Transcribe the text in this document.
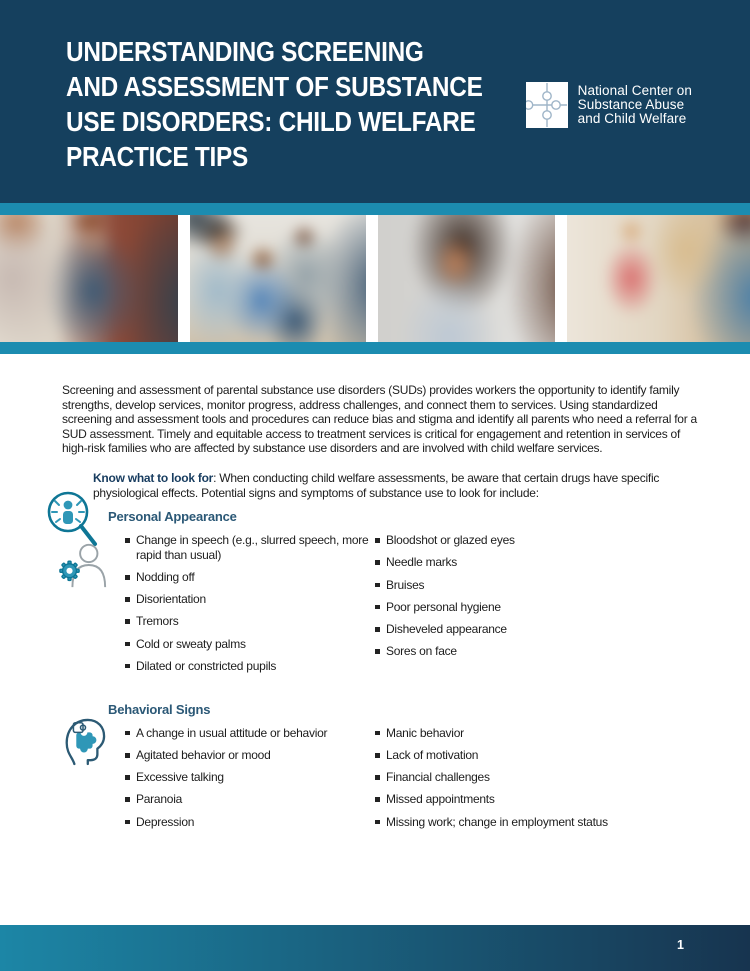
UNDERSTANDING SCREENING
AND ASSESSMENT OF SUBSTANCE
USE DISORDERS: CHILD WELFARE
PRACTICE TIPS
National Center on
Substance Abuse
and Child Welfare

Screening and assessment of parental substance use disorders (SUDs) provides workers the opportunity to identify family strengths, develop services, monitor progress, address challenges, and connect them to services. Using standardized screening and assessment tools and procedures can reduce bias and stigma and identify all parents who need a referral for a SUD assessment. Timely and equitable access to treatment services is critical for engagement and retention in services of high-risk families who are affected by substance use disorders and are involved with child welfare services.

Know what to look for: When conducting child welfare assessments, be aware that certain drugs have specific physiological effects. Potential signs and symptoms of substance use to look for include:

Personal Appearance
Change in speech (e.g., slurred speech, more rapid than usual)
Nodding off
Disorientation
Tremors
Cold or sweaty palms
Dilated or constricted pupils
Bloodshot or glazed eyes
Needle marks
Bruises
Poor personal hygiene
Disheveled appearance
Sores on face
Behavioral Signs
A change in usual attitude or behavior
Agitated behavior or mood
Excessive talking
Paranoia
Depression
Manic behavior
Lack of motivation
Financial challenges
Missed appointments
Missing work; change in employment status
1
